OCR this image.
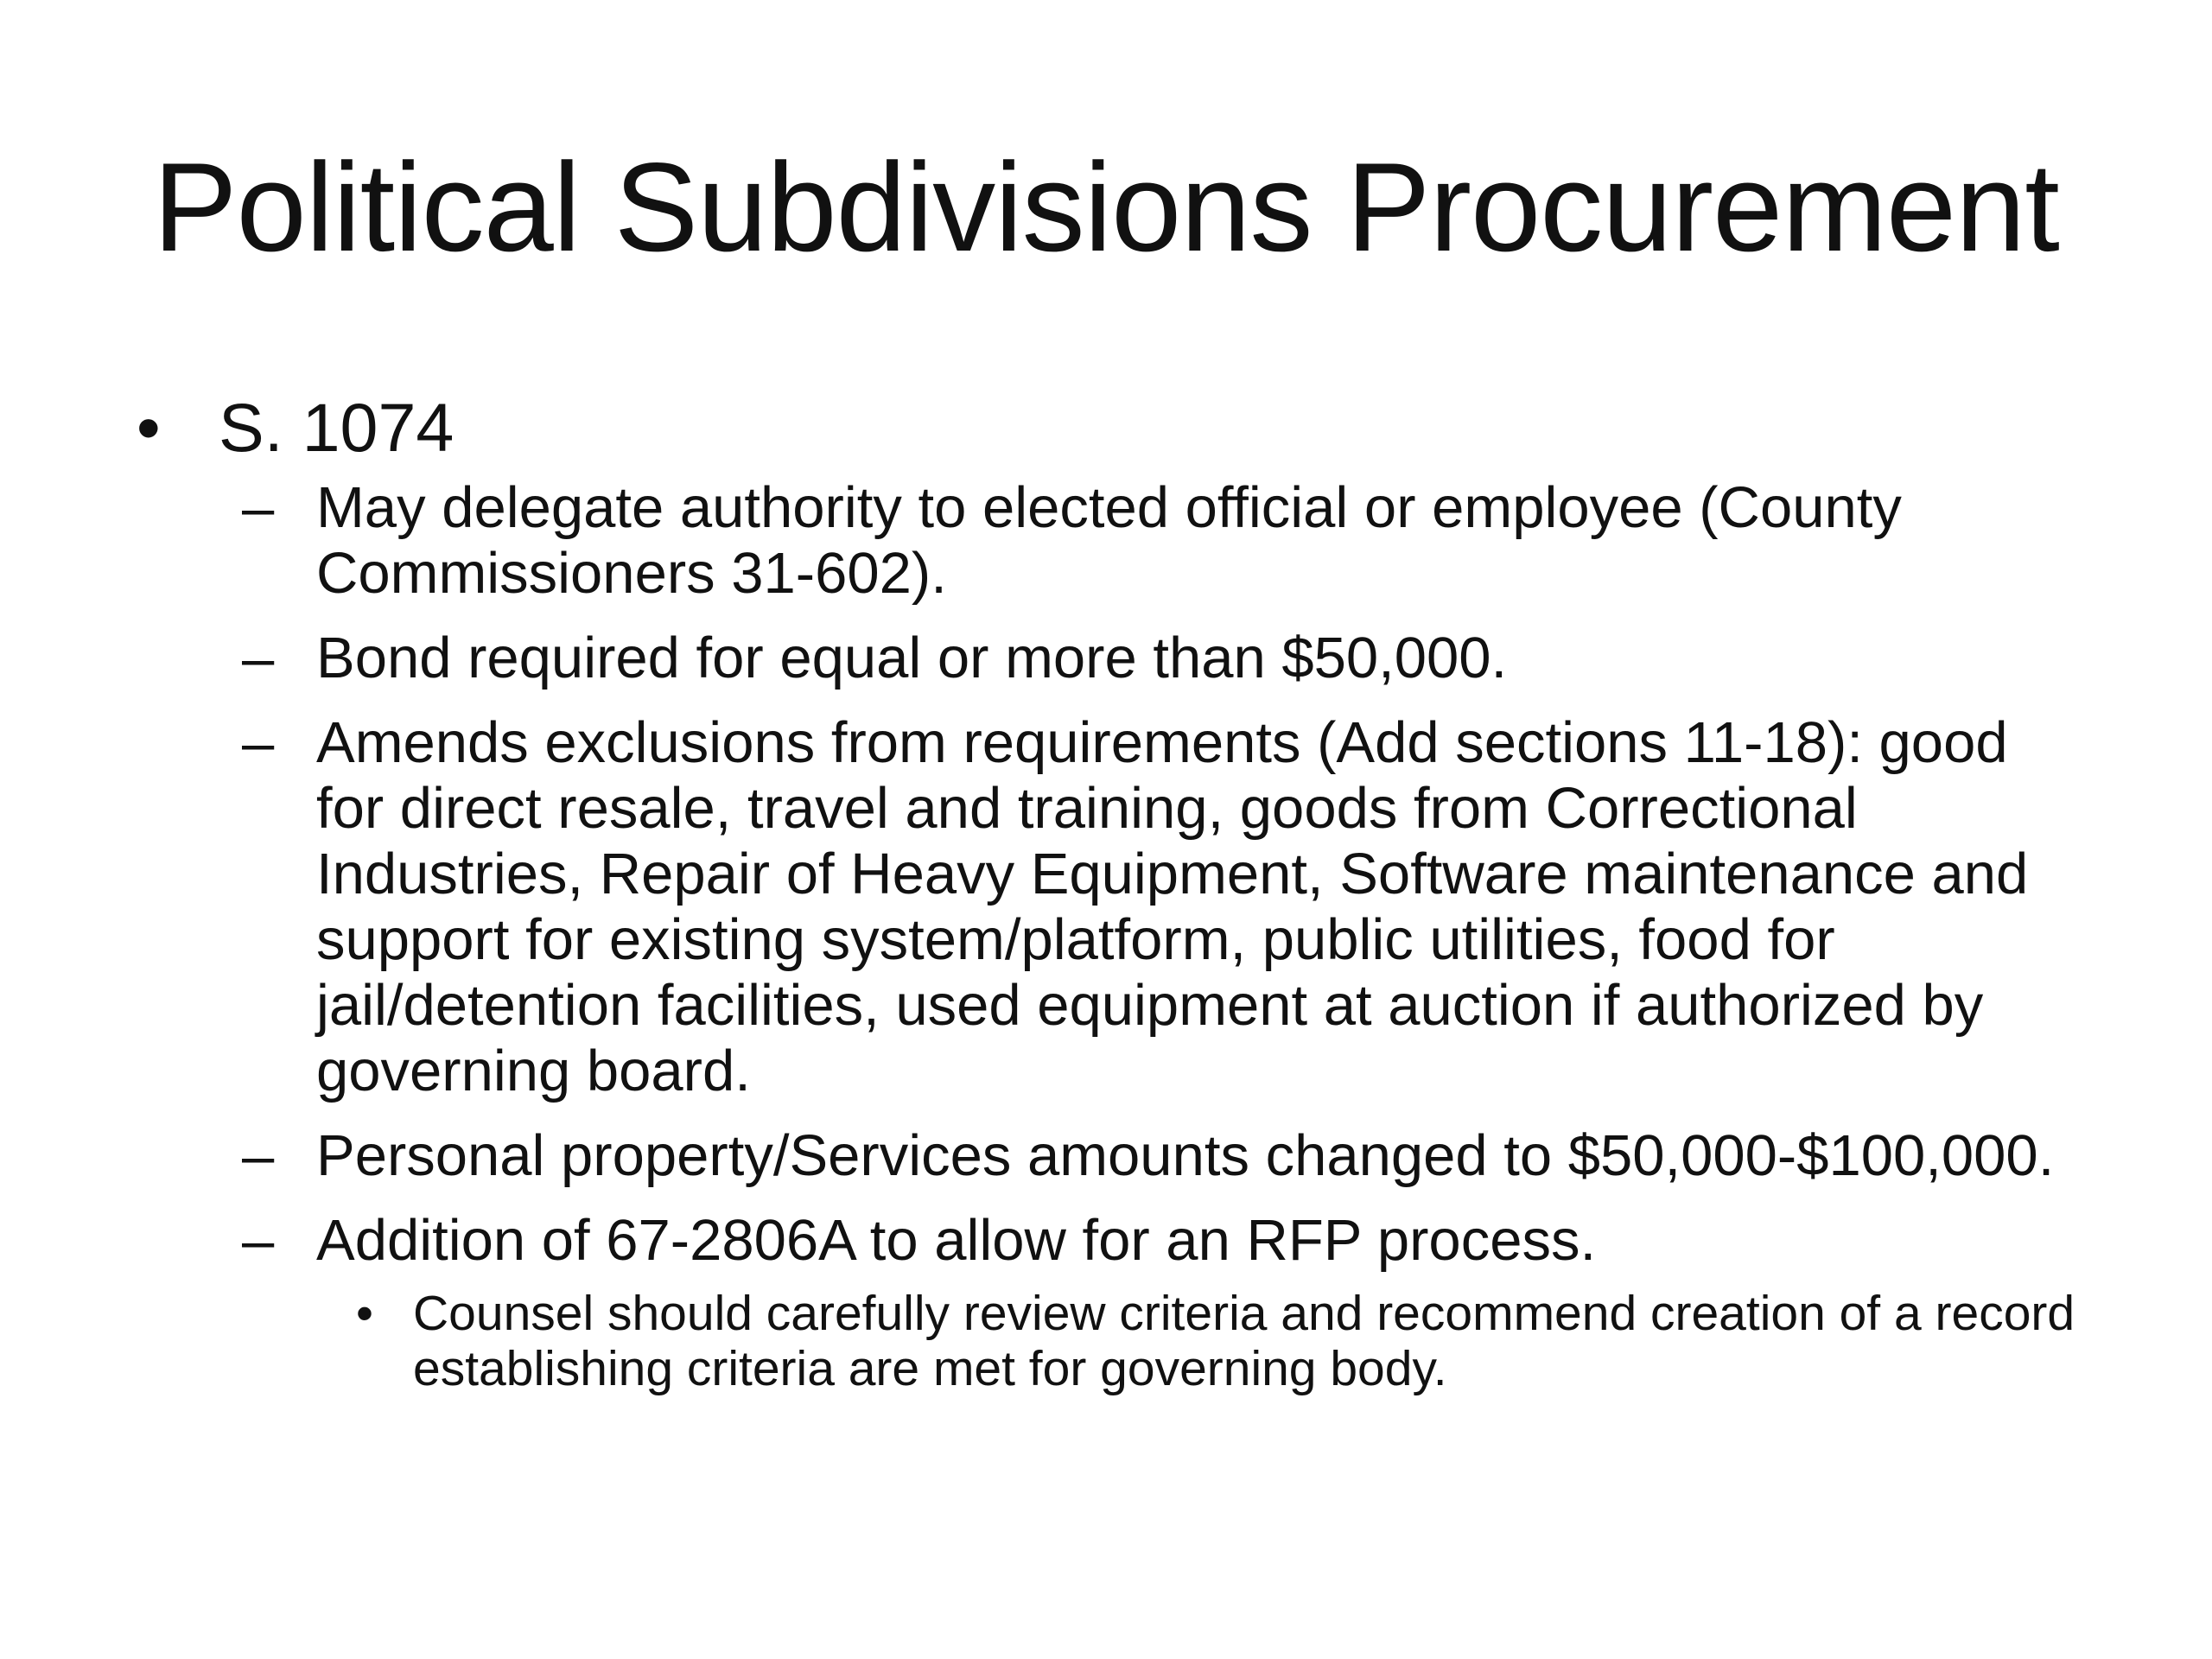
Political Subdivisions Procurement
• S. 1074
– May delegate authority to elected official or employee (County Commissioners 31-602).
– Bond required for equal or more than $50,000.
– Amends exclusions from requirements (Add sections 11-18): good for direct resale, travel and training, goods from Correctional Industries, Repair of Heavy Equipment, Software maintenance and support for existing system/platform, public utilities, food for jail/detention facilities, used equipment at auction if authorized by governing board.
– Personal property/Services amounts changed to $50,000-$100,000.
– Addition of 67-2806A to allow for an RFP process.
• Counsel should carefully review criteria and recommend creation of a record establishing criteria are met for governing body.
